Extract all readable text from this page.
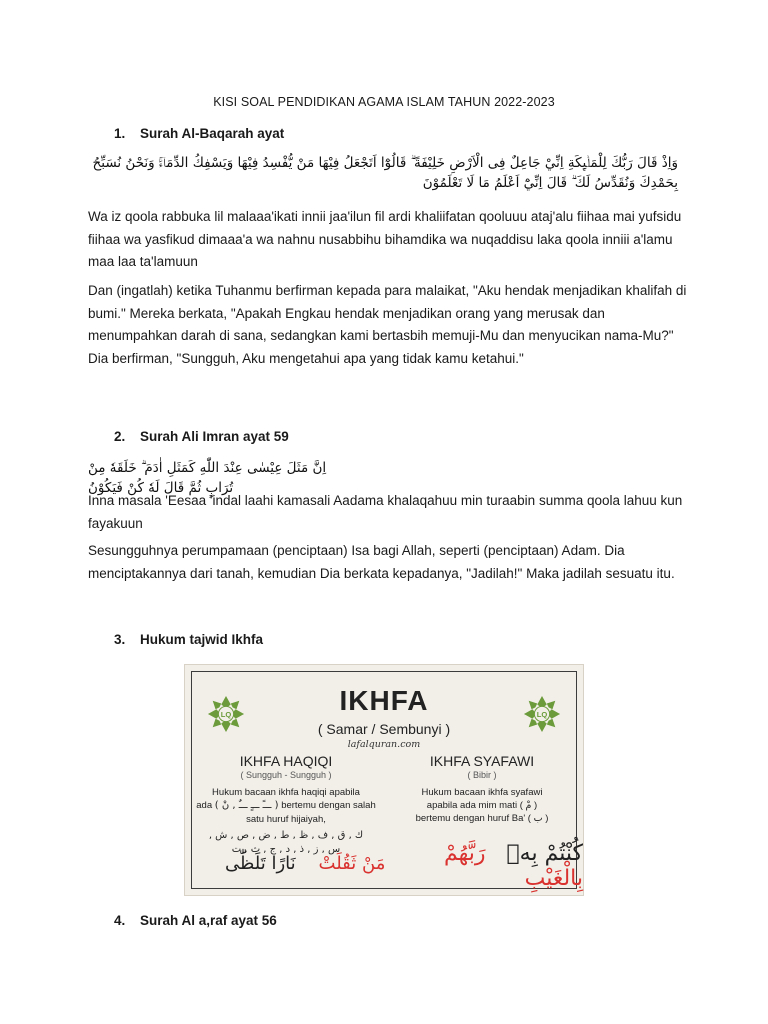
KISI SOAL PENDIDIKAN AGAMA ISLAM TAHUN 2022-2023
1. Surah Al-Baqarah ayat
وَاِذْ قَالَ رَبُّكَ لِلْمَلٰۤىِٕكَةِ اِنِّيْ جَاعِلٌ فِى الْاَرْضِ خَلِيْفَةً ۗ قَالُوْٓا اَتَجْعَلُ فِيْهَا مَنْ يُّفْسِدُ فِيْهَا وَيَسْفِكُ الدِّمَاۤءَۚ وَنَحْنُ نُسَبِّحُ بِحَمْدِكَ وَنُقَدِّسُ لَكَ ۗ قَالَ اِنِّيْٓ اَعْلَمُ مَا لَا تَعْلَمُوْنَ

Wa iz qoola rabbuka lil malaaa'ikati innii jaa'ilun fil ardi khaliifatan qooluuu ataj'alu fiihaa mai yufsidu fiihaa wa yasfikud dimaaa'a wa nahnu nusabbihu bihamdika wa nuqaddisu laka qoola inniii a'lamu maa laa ta'lamuun

Dan (ingatlah) ketika Tuhanmu berfirman kepada para malaikat, "Aku hendak menjadikan khalifah di bumi." Mereka berkata, "Apakah Engkau hendak menjadikan orang yang merusak dan menumpahkan darah di sana, sedangkan kami bertasbih memuji-Mu dan menyucikan nama-Mu?" Dia berfirman, "Sungguh, Aku mengetahui apa yang tidak kamu ketahui."

2. Surah Ali Imran ayat 59
اِنَّ مَثَلَ عِيْسٰى عِنْدَ اللّٰهِ كَمَثَلِ اٰدَمَ ۗ خَلَقَهٗ مِنْ تُرَابٍ ثُمَّ قَالَ لَهٗ كُنْ فَيَكُوْنُ

Inna masala 'Eesaa 'indal laahi kamasali Aadama khalaqahuu min turaabin summa qoola lahuu kun fayakuun

Sesungguhnya perumpamaan (penciptaan) Isa bagi Allah, seperti (penciptaan) Adam. Dia menciptakannya dari tanah, kemudian Dia berkata kepadanya, "Jadilah!" Maka jadilah sesuatu itu.

3. Hukum tajwid Ikhfa
LQ	LQ
IKHFA
( Samar / Sembunyi )
lafalquran.com
IKHFA HAQIQI
( Sungguh - Sungguh )
Hukum bacaan ikhfa haqiqi apabila
ada ( ـــً ـــٍ ـــٌ , نْ ) bertemu dengan salah
satu huruf hijaiyah,
ك , ق , ف , ظ , ط , ض , ص , ش ,
س , ز , ذ , د , ج , ث , ت
IKHFA SYAFAWI
( Bibir )
Hukum bacaan ikhfa syafawi
apabila ada mim mati ( مْ )
bertemu dengan huruf Ba' ( ب )
مَنْ ثَقُلَتْ    نَارًا تَلَظّٰى	كُنْتُمْ بِهٖ   رَبَّهُمْ بِالْغَيْبِ
4. Surah Al a,raf ayat 56
